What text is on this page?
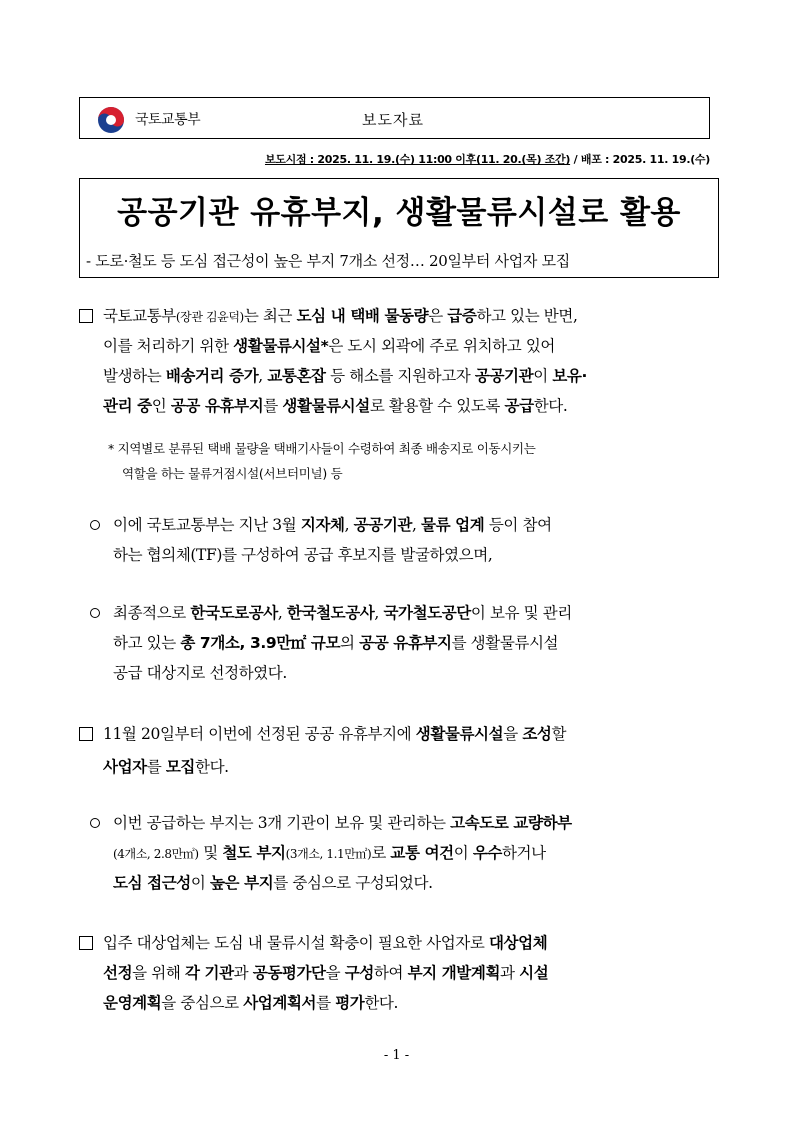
국토교통부	보도자료
보도시점 : 2025. 11. 19.(수) 11:00 이후(11. 20.(목) 조간) / 배포 : 2025. 11. 19.(수)
공공기관 유휴부지, 생활물류시설로 활용
- 도로·철도 등 도심 접근성이 높은 부지 7개소 선정… 20일부터 사업자 모집
국토교통부(장관 김윤덕)는 최근 도심 내 택배 물동량은 급증하고 있는 반면,
이를 처리하기 위한 생활물류시설*은 도시 외곽에 주로 위치하고 있어
발생하는 배송거리 증가, 교통혼잡 등 해소를 지원하고자 공공기관이 보유·
관리 중인 공공 유휴부지를 생활물류시설로 활용할 수 있도록 공급한다.
* 지역별로 분류된 택배 물량을 택배기사들이 수령하여 최종 배송지로 이동시키는
역할을 하는 물류거점시설(서브터미널) 등
이에 국토교통부는 지난 3월 지자체, 공공기관, 물류 업계 등이 참여
하는 협의체(TF)를 구성하여 공급 후보지를 발굴하였으며,
최종적으로 한국도로공사, 한국철도공사, 국가철도공단이 보유 및 관리
하고 있는 총 7개소, 3.9만㎡ 규모의 공공 유휴부지를 생활물류시설
공급 대상지로 선정하였다.
11월 20일부터 이번에 선정된 공공 유휴부지에 생활물류시설을 조성할
사업자를 모집한다.
이번 공급하는 부지는 3개 기관이 보유 및 관리하는 고속도로 교량하부
(4개소, 2.8만㎡) 및 철도 부지(3개소, 1.1만㎡)로 교통 여건이 우수하거나
도심 접근성이 높은 부지를 중심으로 구성되었다.
입주 대상업체는 도심 내 물류시설 확충이 필요한 사업자로 대상업체
선정을 위해 각 기관과 공동평가단을 구성하여 부지 개발계획과 시설
운영계획을 중심으로 사업계획서를 평가한다.
- 1 -
